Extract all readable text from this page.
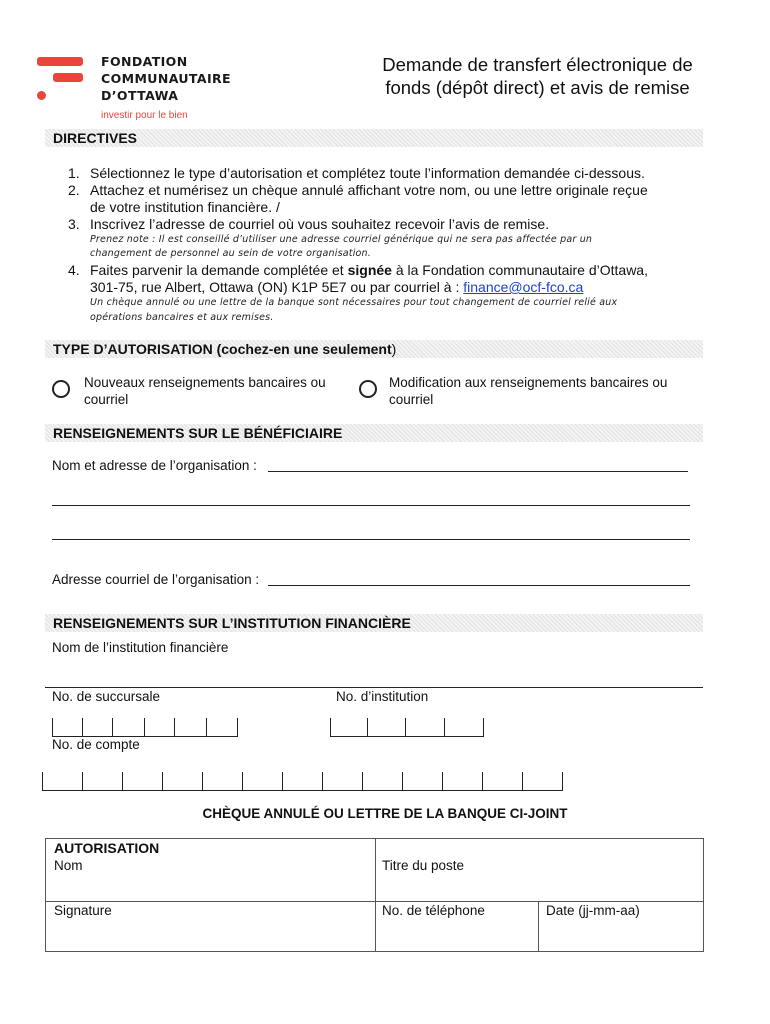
FONDATION
COMMUNAUTAIRE
D’OTTAWA
investir pour le bien
Demande de transfert électronique de
fonds (dépôt direct) et avis de remise
DIRECTIVES
1. Sélectionnez le type d’autorisation et complétez toute l’information demandée ci-dessous.
2. Attachez et numérisez un chèque annulé affichant votre nom, ou une lettre originale reçue
de votre institution financière. /
3. Inscrivez l’adresse de courriel où vous souhaitez recevoir l’avis de remise.
Prenez note : Il est conseillé d’utiliser une adresse courriel générique qui ne sera pas affectée par un
changement de personnel au sein de votre organisation.
4. Faites parvenir la demande complétée et signée à la Fondation communautaire d’Ottawa,
301-75, rue Albert, Ottawa (ON) K1P 5E7 ou par courriel à : finance@ocf-fco.ca
Un chèque annulé ou une lettre de la banque sont nécessaires pour tout changement de courriel relié aux
opérations bancaires et aux remises.
TYPE D’AUTORISATION (cochez-en une seulement)
Nouveaux renseignements bancaires ou
courriel
Modification aux renseignements bancaires ou
courriel
RENSEIGNEMENTS SUR LE BÉNÉFICIAIRE
Nom et adresse de l’organisation :
Adresse courriel de l’organisation :
RENSEIGNEMENTS SUR L’INSTITUTION FINANCIÈRE
Nom de l’institution financière
No. de succursale	No. d’institution
No. de compte
CHÈQUE ANNULÉ OU LETTRE DE LA BANQUE CI-JOINT
AUTORISATION
Nom	Titre du poste
Signature	No. de téléphone	Date (jj-mm-aa)
